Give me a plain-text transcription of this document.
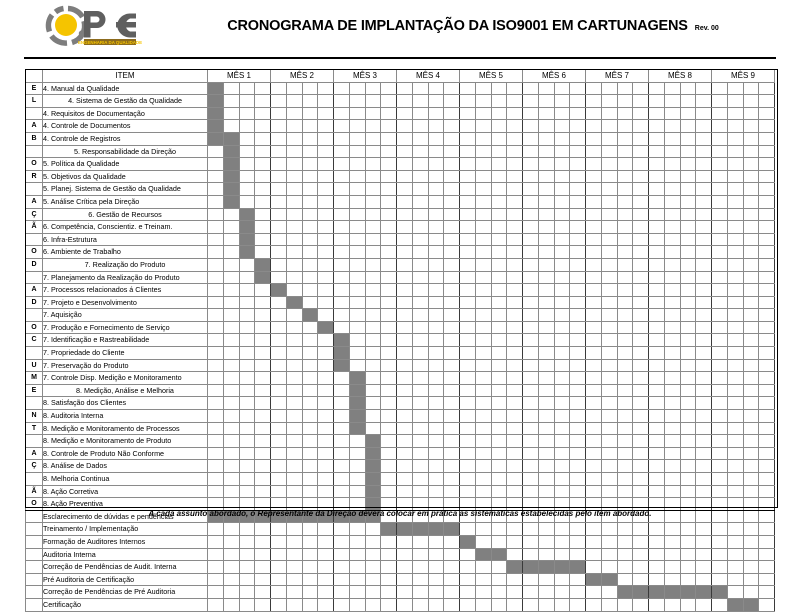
ENGENHARIA DA QUALIDADE
CRONOGRAMA DE IMPLANTAÇÃO DA ISO9001 EM CARTUNAGENS Rev. 00
	ITEM	MÊS 1				MÊS 2				MÊS 3				MÊS 4				MÊS 5				MÊS 6				MÊS 7				MÊS 8				MÊS 9			
E	4. Manual da Qualidade																																				
L	4. Sistema de Gestão da Qualidade																																				
	4. Requisitos de Documentação																																				
A	4. Controle de Documentos																																				
B	4. Controle de Registros																																				
	5. Responsabilidade da Direção																																				
O	5. Política da Qualidade																																				
R	5. Objetivos da Qualidade																																				
	5. Planej. Sistema de Gestão da Qualidade																																				
A	5. Análise Crítica pela Direção																																				
Ç	6. Gestão de Recursos																																				
Ã	6. Competência, Conscientiz. e Treinam.																																				
	6. Infra-Estrutura																																				
O	6. Ambiente de Trabalho																																				
D	7. Realização do Produto																																				
	7. Planejamento da Realização do Produto																																				
A	7. Processos relacionados á Clientes																																				
D	7. Projeto e Desenvolvimento																																				
	7. Aquisição																																				
O	7. Produção e Fornecimento de Serviço																																				
C	7. Identificação e Rastreabilidade																																				
	7. Propriedade do Cliente																																				
U	7. Preservação do Produto																																				
M	7. Controle Disp. Medição e Monitoramento																																				
E	8. Medição, Análise e Melhoria																																				
	8. Satisfação dos Clientes																																				
N	8. Auditoria Interna																																				
T	8. Medição e Monitoramento de Processos																																				
	8. Medição e Monitoramento de Produto																																				
A	8. Controle de Produto Não Conforme																																				
Ç	8. Análise de Dados																																				
	8. Melhoria Continua																																				
Ã	8. Ação Corretiva																																				
O	8. Ação Preventiva																																				
	Esclarecimento de dúvidas e pendências																																				
	Treinamento / Implementação																																				
	Formação de Auditores Internos																																				
	Auditoria Interna																																				
	Correção de Pendências de Audit. Interna																																				
	Pré Auditoria de Certificação																																				
	Correção de Pendências de Pré Auditoria																																				
	Certificação																																				
A cada assunto abordado, o Representante da Direção deverá colocar em prática as sistemáticas estabelecidas pelo item abordado.
